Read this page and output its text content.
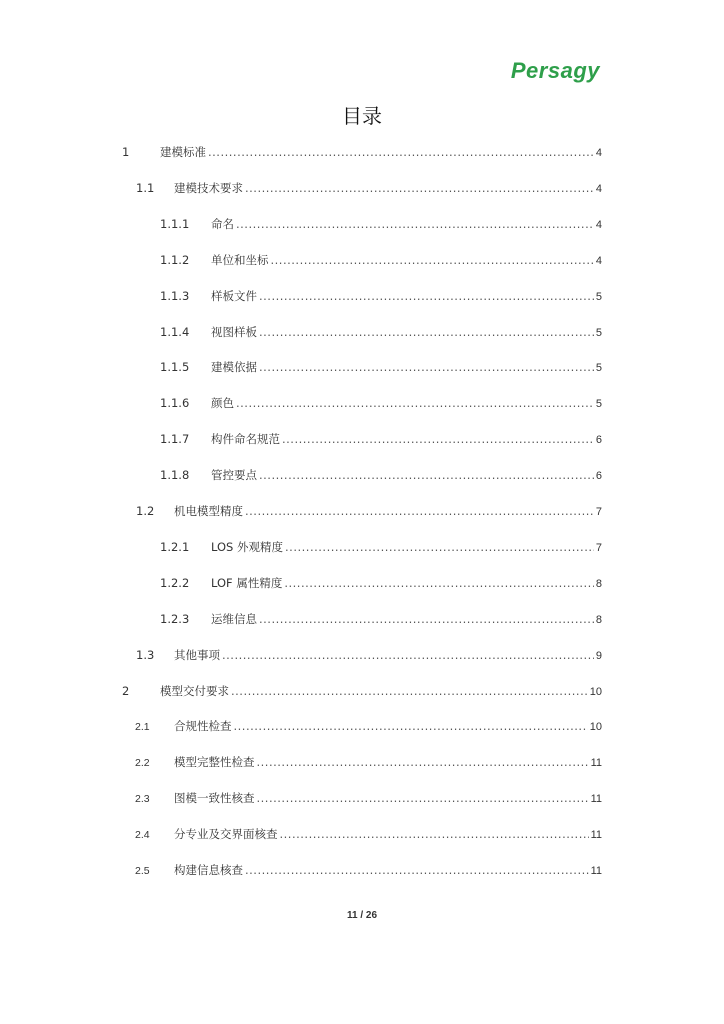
Persagy
目录
1	建模标准 .....	4
1.1	建模技术要求 .....	4
1.1.1	命名 .....	4
1.1.2	单位和坐标 .....	4
1.1.3	样板文件 .....	5
1.1.4	视图样板 .....	5
1.1.5	建模依据 .....	5
1.1.6	颜色 .....	5
1.1.7	构件命名规范 .....	6
1.1.8	管控要点 .....	6
1.2	机电模型精度 .....	7
1.2.1	LOS 外观精度 .....	7
1.2.2	LOF 属性精度 .....	8
1.2.3	运维信息 .....	8
1.3	其他事项 .....	9
2	模型交付要求 .....	10
2.1	合规性检查 .....	10
2.2	模型完整性检查 .....	11
2.3	图模一致性核查 .....	11
2.4	分专业及交界面核查 .....	11
2.5	构建信息核查 .....	11
11 / 26
